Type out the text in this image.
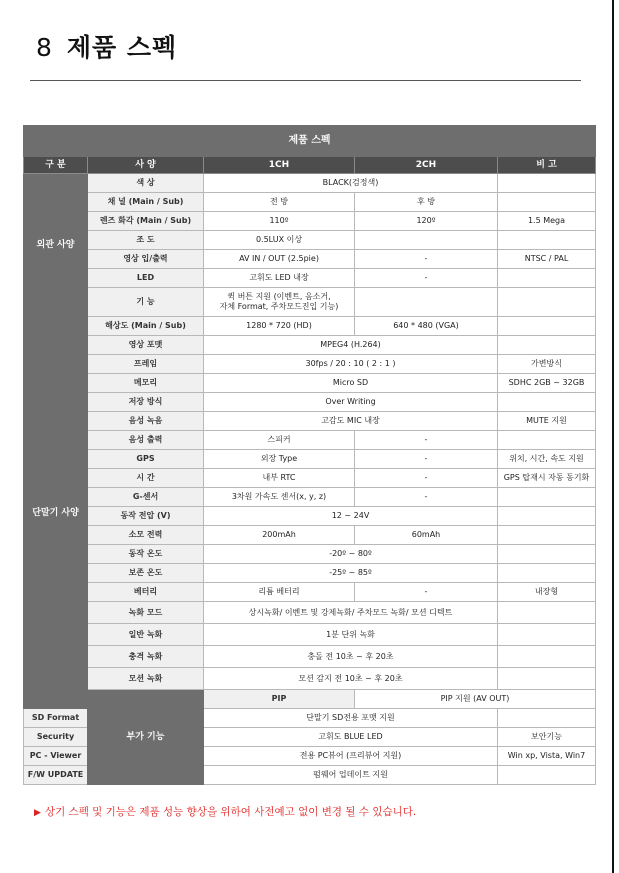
8 제품 스펙
제품 스펙					
구 분	사 양	1CH	2CH	비 고	
외관 사양	색 상	BLACK(검정색)			
	채 널 (Main / Sub)	전 방	후 방		
	렌즈 화각 (Main / Sub)	110º	120º	1.5 Mega	
	조 도	0.5LUX 이상			
	영상 입/출력	AV IN / OUT (2.5pie)	-	NTSC / PAL	
	LED	고휘도 LED 내장	-		
	기 능	퀵 버튼 지원 (이벤트, 음소거,
자체 Format, 주차모드진입 기능)			

단말기 사양	해상도 (Main / Sub)	1280 * 720 (HD)	640 * 480 (VGA)		
	영상 포맷	MPEG4 (H.264)			
	프레임	30fps / 20 : 10 ( 2 : 1 )		가변방식	
	메모리	Micro SD		SDHC 2GB ~ 32GB	
	저장 방식	Over Writing			
	음성 녹음	고감도 MIC 내장		MUTE 지원	
	음성 출력	스피커	-		
	GPS	외장 Type	-	위치, 시간, 속도 지원	
	시 간	내부 RTC	-	GPS 탑재시 자동 동기화	
	G-센서	3차원 가속도 센서(x, y, z)	-		
	동작 전압 (V)	12 ~ 24V			
	소모 전력	200mAh	60mAh		
	동작 온도	-20º ~ 80º			
	보존 온도	-25º ~ 85º			
	베터리	리튬 베터리	-	내장형	
	녹화 모드	상시녹화/ 이벤트 및 강제녹화/ 주차모드 녹화/ 모션 디텍트			
	일반 녹화	1분 단위 녹화			
	충격 녹화	충돌 전 10초 ~ 후 20초			
	모션 녹화	모션 감지 전 10초 ~ 후 20초			
	부가 기능	PIP	PIP 지원 (AV OUT)		
SD Format		단말기 SD전용 포맷 지원			
Security		고휘도 BLUE LED		보안기능	
PC - Viewer		전용 PC뷰어 (프리뷰어 지원)		Win xp, Vista, Win7	
F/W UPDATE		펌웨어 업데이트 지원			
▶ 상기 스펙 및 기능은 제품 성능 향상을 위하여 사전예고 없이 변경 될 수 있습니다.
